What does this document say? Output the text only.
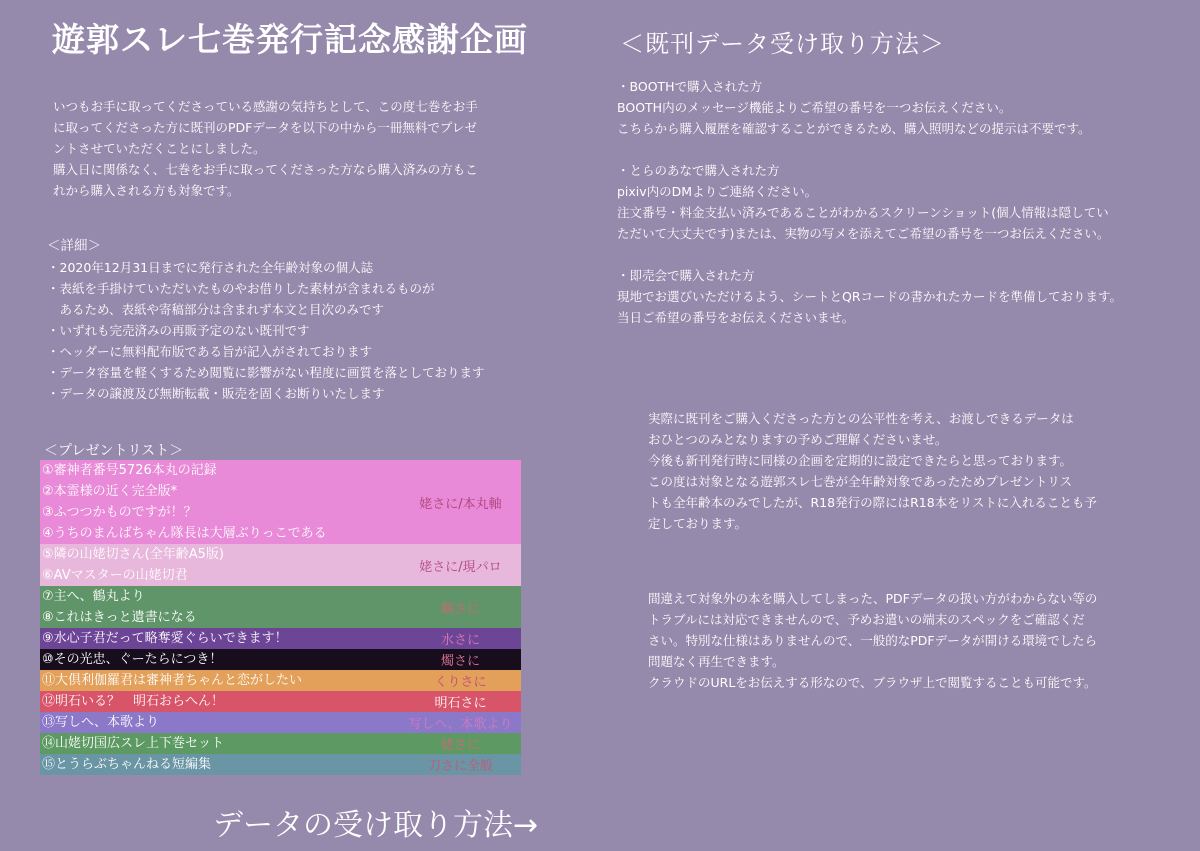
遊郭スレ七巻発行記念感謝企画	＜既刊データ受け取り方法＞
いつもお手に取ってくださっている感謝の気持ちとして、この度七巻をお手
に取ってくださった方に既刊のPDFデータを以下の中から一冊無料でプレゼ
ントさせていただくことにしました。
購入日に関係なく、七巻をお手に取ってくださった方なら購入済みの方もこ
れから購入される方も対象です。
＜詳細＞
・2020年12月31日までに発行された全年齢対象の個人誌
・表紙を手掛けていただいたものやお借りした素材が含まれるものが
　あるため、表紙や寄稿部分は含まれず本文と目次のみです
・いずれも完売済みの再販予定のない既刊です
・ヘッダーに無料配布版である旨が記入がされております
・データ容量を軽くするため閲覧に影響がない程度に画質を落としております
・データの譲渡及び無断転載・販売を固くお断りいたします
＜プレゼントリスト＞
①審神者番号5726本丸の記録
②本霊様の近く完全版*
③ふつつかものですが！？
④うちのまんばちゃん隊長は大層ぶりっこである
姥さに/本丸軸
⑤隣の山姥切さん(全年齢A5版)
⑥AVマスターの山姥切君
姥さに/現パロ
⑦主へ、鶴丸より
⑧これはきっと遺書になる
鶴さに
⑨水心子君だって略奪愛ぐらいできます！	水さに
⑩その光忠、ぐーたらにつき！	燭さに
⑪大倶利伽羅君は審神者ちゃんと恋がしたい	くりさに
⑫明石いる？　明石おらへん！	明石さに
⑬写しへ、本歌より	写しへ、本歌より
⑭山姥切国広スレ上下巻セット	姥さに
⑮とうらぶちゃんねる短編集	刀さに全般
・BOOTHで購入された方
BOOTH内のメッセージ機能よりご希望の番号を一つお伝えください。
こちらから購入履歴を確認することができるため、購入照明などの提示は不要です。
・とらのあなで購入された方
pixiv内のDMよりご連絡ください。
注文番号・料金支払い済みであることがわかるスクリーンショット(個人情報は隠してい
ただいて大丈夫です)または、実物の写メを添えてご希望の番号を一つお伝えください。
・即売会で購入された方
現地でお選びいただけるよう、シートとQRコードの書かれたカードを準備しております。
当日ご希望の番号をお伝えくださいませ。
実際に既刊をご購入くださった方との公平性を考え、お渡しできるデータは
おひとつのみとなりますの予めご理解くださいませ。
今後も新刊発行時に同様の企画を定期的に設定できたらと思っております。
この度は対象となる遊郭スレ七巻が全年齢対象であったためプレゼントリス
トも全年齢本のみでしたが、R18発行の際にはR18本をリストに入れることも予
定しております。
間違えて対象外の本を購入してしまった、PDFデータの扱い方がわからない等の
トラブルには対応できませんので、予めお遣いの端末のスペックをご確認くだ
さい。特別な仕様はありませんので、一般的なPDFデータが開ける環境でしたら
問題なく再生できます。
クラウドのURLをお伝えする形なので、ブラウザ上で閲覧することも可能です。
データの受け取り方法→
